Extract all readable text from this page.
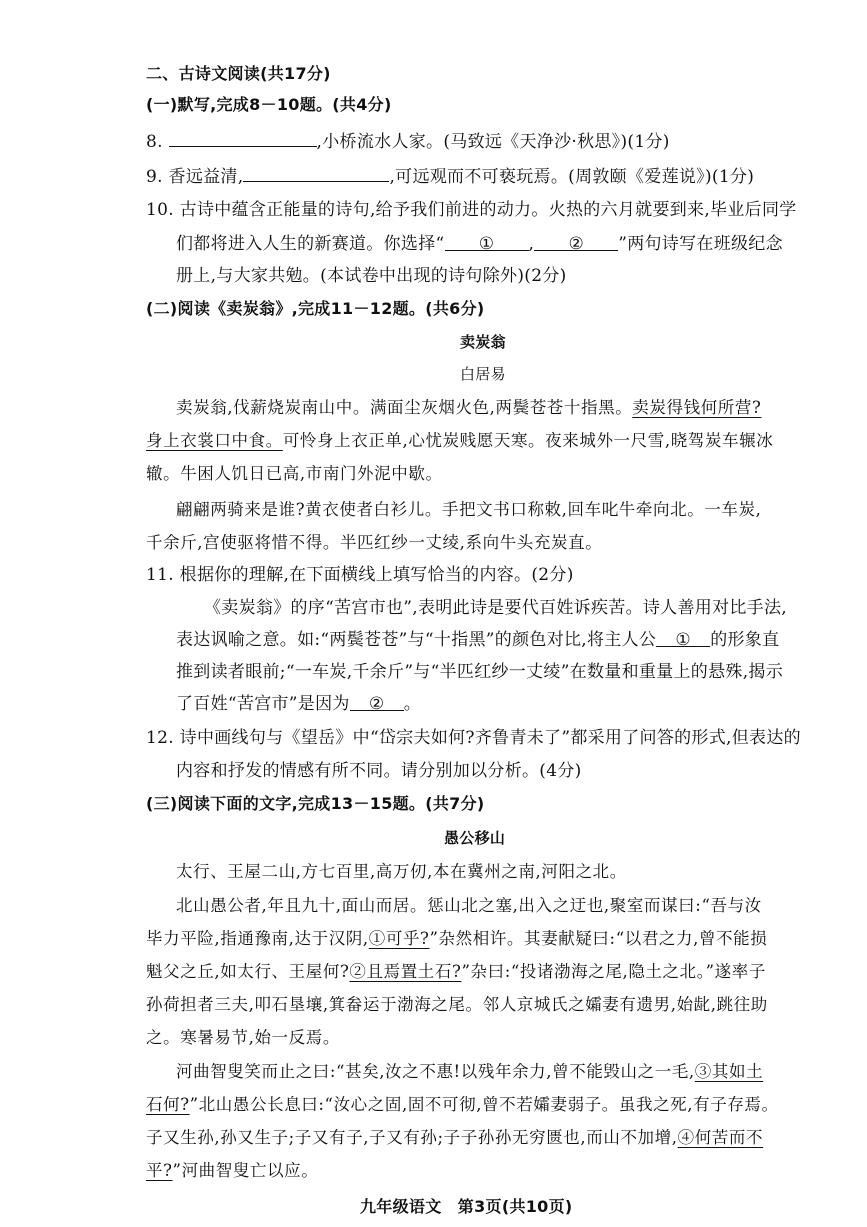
二、古诗文阅读(共17分)
(一)默写,完成8－10题。(共4分)
8.	,小桥流水人家。(马致远《天净沙·秋思》)(1分)
9. 香远益清,	,可远观而不可亵玩焉。(周敦颐《爱莲说》)(1分)
10. 古诗中蕴含正能量的诗句,给予我们前进的动力。火热的六月就要到来,毕业后同学
们都将进入人生的新赛道。你选择“ ① , ② ”两句诗写在班级纪念
册上,与大家共勉。(本试卷中出现的诗句除外)(2分)
(二)阅读《卖炭翁》,完成11－12题。(共6分)
卖炭翁
白居易
卖炭翁,伐薪烧炭南山中。满面尘灰烟火色,两鬓苍苍十指黑。卖炭得钱何所营?
身上衣裳口中食。可怜身上衣正单,心忧炭贱愿天寒。夜来城外一尺雪,晓驾炭车辗冰
辙。牛困人饥日已高,市南门外泥中歇。
翩翩两骑来是谁?黄衣使者白衫儿。手把文书口称敕,回车叱牛牵向北。一车炭,
千余斤,宫使驱将惜不得。半匹红纱一丈绫,系向牛头充炭直。
11. 根据你的理解,在下面横线上填写恰当的内容。(2分)
《卖炭翁》的序“苦宫市也”,表明此诗是要代百姓诉疾苦。诗人善用对比手法,
表达讽喻之意。如:“两鬓苍苍”与“十指黑”的颜色对比,将主人公 ① 的形象直
推到读者眼前;“一车炭,千余斤”与“半匹红纱一丈绫”在数量和重量上的悬殊,揭示
了百姓“苦宫市”是因为 ② 。
12. 诗中画线句与《望岳》中“岱宗夫如何?齐鲁青未了”都采用了问答的形式,但表达的
内容和抒发的情感有所不同。请分别加以分析。(4分)
(三)阅读下面的文字,完成13－15题。(共7分)
愚公移山
太行、王屋二山,方七百里,高万仞,本在冀州之南,河阳之北。
北山愚公者,年且九十,面山而居。惩山北之塞,出入之迂也,聚室而谋曰:“吾与汝
毕力平险,指通豫南,达于汉阴,①可乎?”杂然相许。其妻献疑曰:“以君之力,曾不能损
魁父之丘,如太行、王屋何?②且焉置土石?”杂曰:“投诸渤海之尾,隐土之北。”遂率子
孙荷担者三夫,叩石垦壤,箕畚运于渤海之尾。邻人京城氏之孀妻有遗男,始龀,跳往助
之。寒暑易节,始一反焉。
河曲智叟笑而止之曰:“甚矣,汝之不惠!以残年余力,曾不能毁山之一毛,③其如土
石何?”北山愚公长息曰:“汝心之固,固不可彻,曾不若孀妻弱子。虽我之死,有子存焉。
子又生孙,孙又生子;子又有子,子又有孙;子子孙孙无穷匮也,而山不加增,④何苦而不
平?”河曲智叟亡以应。
九年级语文　第3页(共10页)
